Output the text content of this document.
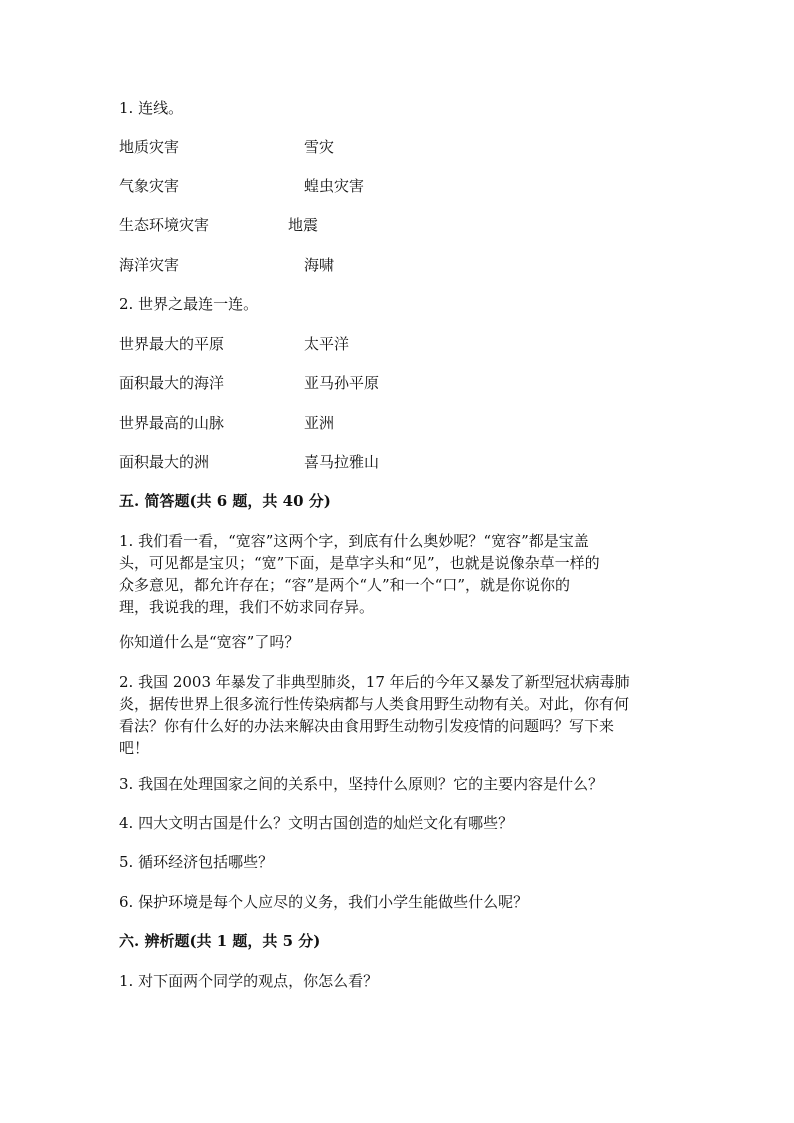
1. 连线。
地质灾害	雪灾
气象灾害	蝗虫灾害
生态环境灾害	地震
海洋灾害	海啸
2. 世界之最连一连。
世界最大的平原	太平洋
面积最大的海洋	亚马孙平原
世界最高的山脉	亚洲
面积最大的洲	喜马拉雅山
五. 简答题(共 6 题，共 40 分)
1. 我们看一看，“宽容”这两个字，到底有什么奥妙呢？“宽容”都是宝盖
头，可见都是宝贝；“宽”下面，是草字头和“见”，也就是说像杂草一样的
众多意见，都允许存在；“容”是两个“人”和一个“口”，就是你说你的
理，我说我的理，我们不妨求同存异。
你知道什么是“宽容”了吗？
2. 我国 2003 年暴发了非典型肺炎，17 年后的今年又暴发了新型冠状病毒肺
炎，据传世界上很多流行性传染病都与人类食用野生动物有关。对此，你有何
看法？你有什么好的办法来解决由食用野生动物引发疫情的问题吗？写下来
吧！
3. 我国在处理国家之间的关系中，坚持什么原则？它的主要内容是什么？
4. 四大文明古国是什么？文明古国创造的灿烂文化有哪些？
5. 循环经济包括哪些？
6. 保护环境是每个人应尽的义务，我们小学生能做些什么呢？
六. 辨析题(共 1 题，共 5 分)
1. 对下面两个同学的观点，你怎么看？
